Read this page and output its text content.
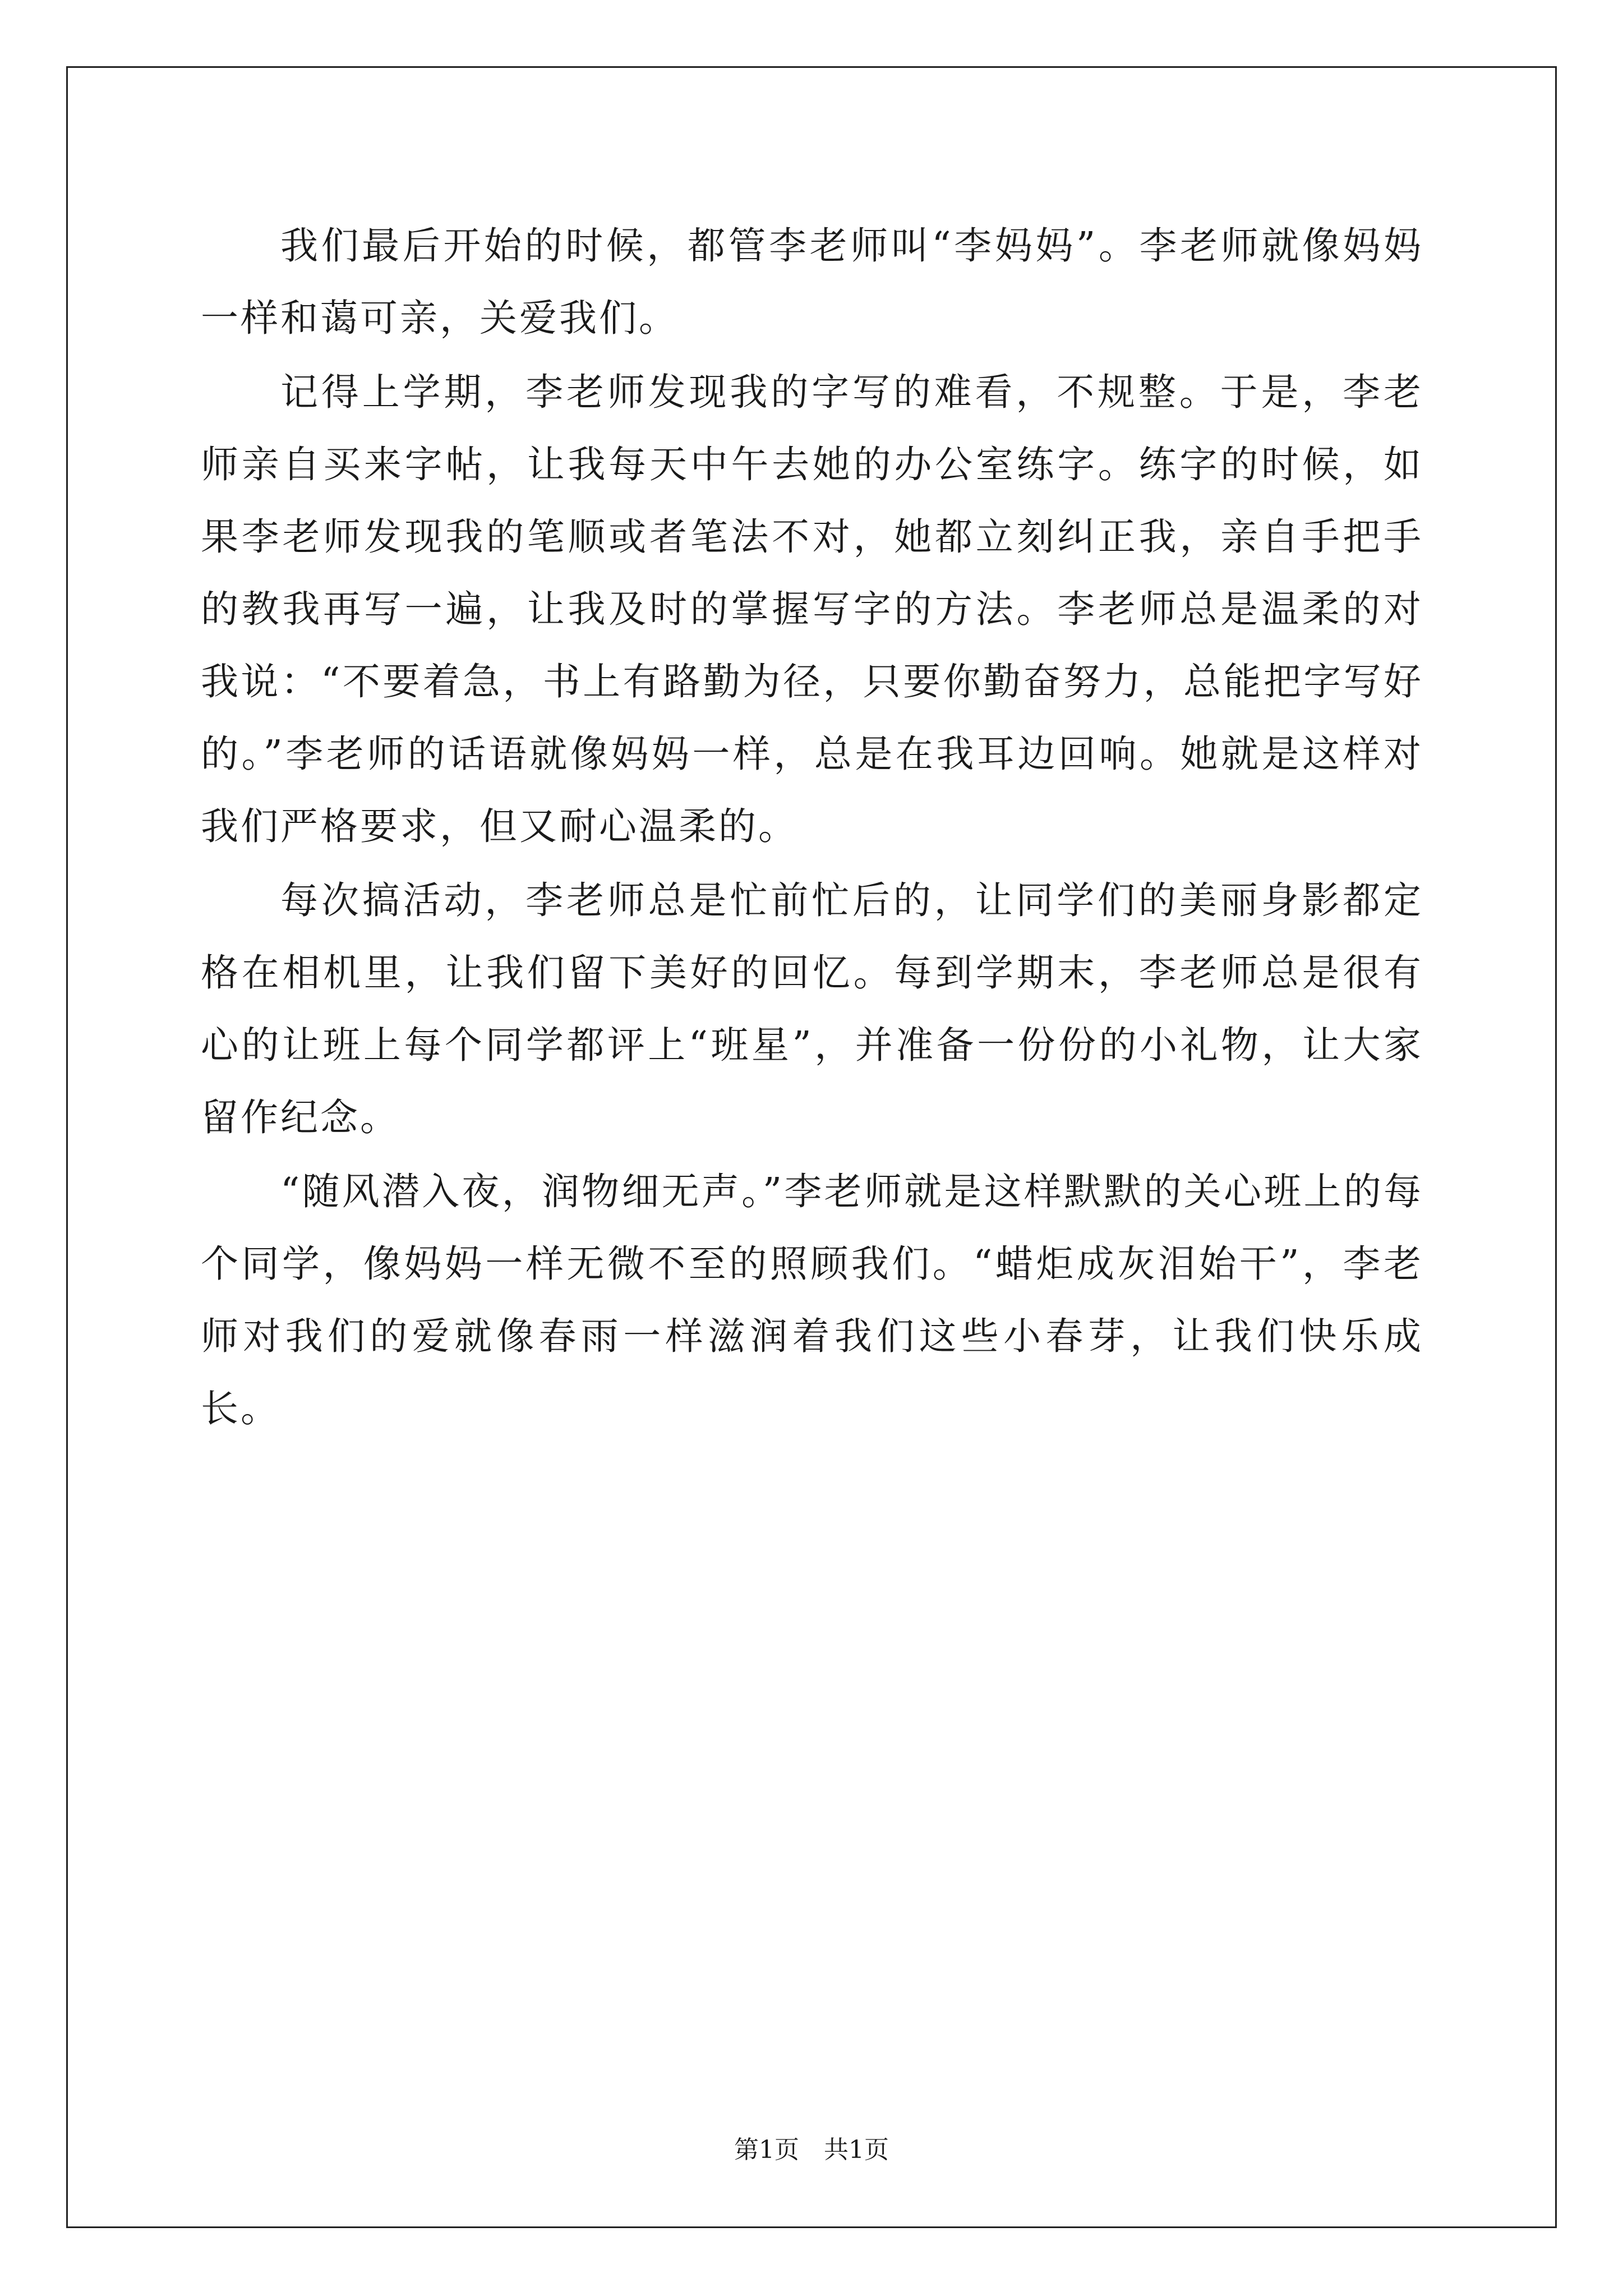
我们最后开始的时候，都管李老师叫“李妈妈”。李老师就像妈妈一样和蔼可亲，关爱我们。

记得上学期，李老师发现我的字写的难看，不规整。于是，李老师亲自买来字帖，让我每天中午去她的办公室练字。练字的时候，如果李老师发现我的笔顺或者笔法不对，她都立刻纠正我，亲自手把手的教我再写一遍，让我及时的掌握写字的方法。李老师总是温柔的对我说：“不要着急，书上有路勤为径，只要你勤奋努力，总能把字写好的。”李老师的话语就像妈妈一样，总是在我耳边回响。她就是这样对我们严格要求，但又耐心温柔的。

每次搞活动，李老师总是忙前忙后的，让同学们的美丽身影都定格在相机里，让我们留下美好的回忆。每到学期末，李老师总是很有心的让班上每个同学都评上“班星”，并准备一份份的小礼物，让大家留作纪念。

“随风潜入夜，润物细无声。”李老师就是这样默默的关心班上的每个同学，像妈妈一样无微不至的照顾我们。“蜡炬成灰泪始干”，李老师对我们的爱就像春雨一样滋润着我们这些小春芽，让我们快乐成长。

第1页 共1页
